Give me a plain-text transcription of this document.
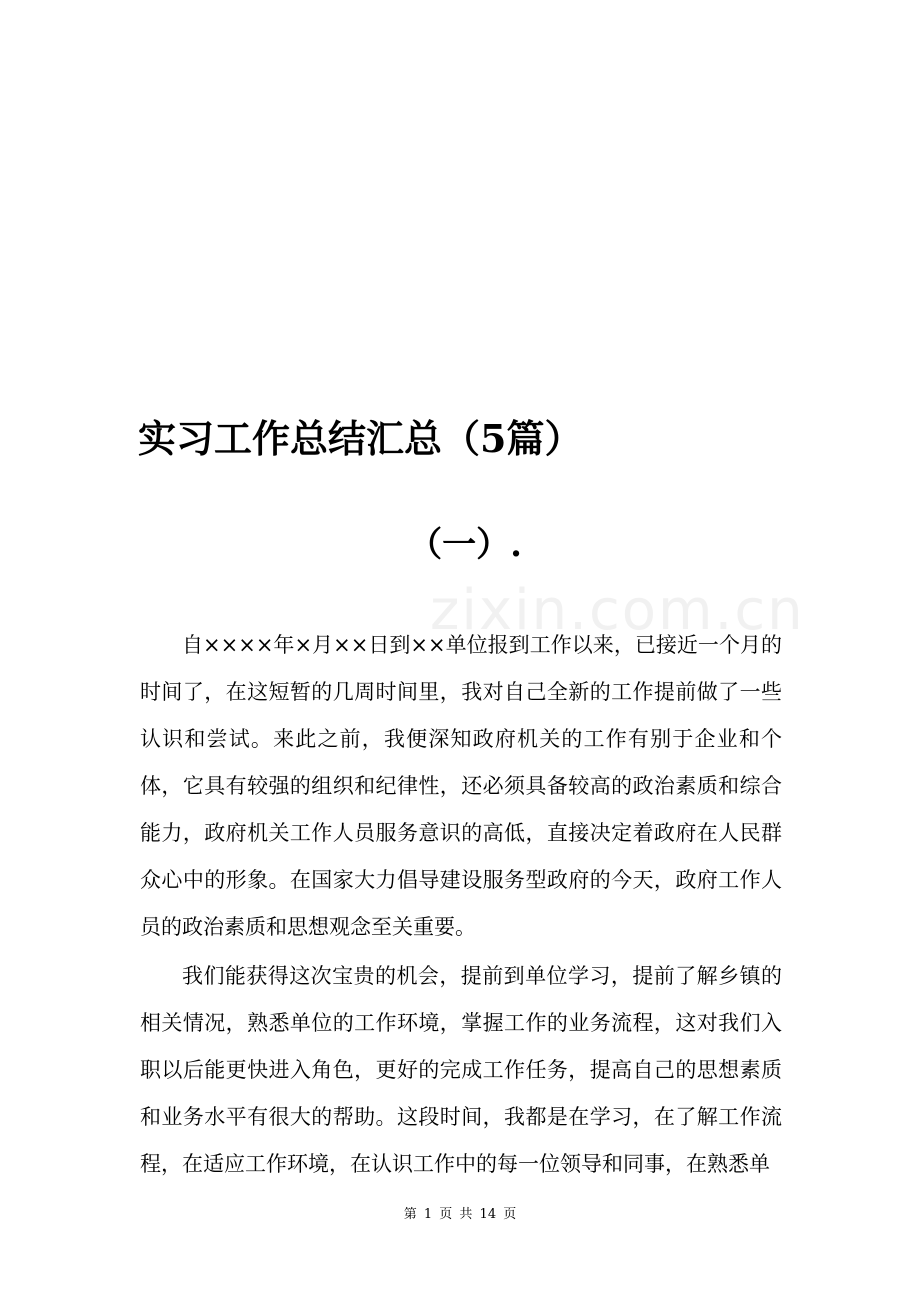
zixin.com.cn
实习工作总结汇总（5篇）
（一）.

自××××年×月××日到××单位报到工作以来，已接近一个月的时间了，在这短暂的几周时间里，我对自己全新的工作提前做了一些认识和尝试。来此之前，我便深知政府机关的工作有别于企业和个体，它具有较强的组织和纪律性，还必须具备较高的政治素质和综合能力，政府机关工作人员服务意识的高低，直接决定着政府在人民群众心中的形象。在国家大力倡导建设服务型政府的今天，政府工作人员的政治素质和思想观念至关重要。

我们能获得这次宝贵的机会，提前到单位学习，提前了解乡镇的相关情况，熟悉单位的工作环境，掌握工作的业务流程，这对我们入职以后能更快进入角色，更好的完成工作任务，提高自己的思想素质和业务水平有很大的帮助。这段时间，我都是在学习，在了解工作流程，在适应工作环境，在认识工作中的每一位领导和同事，在熟悉单

第 1 页 共 14 页
